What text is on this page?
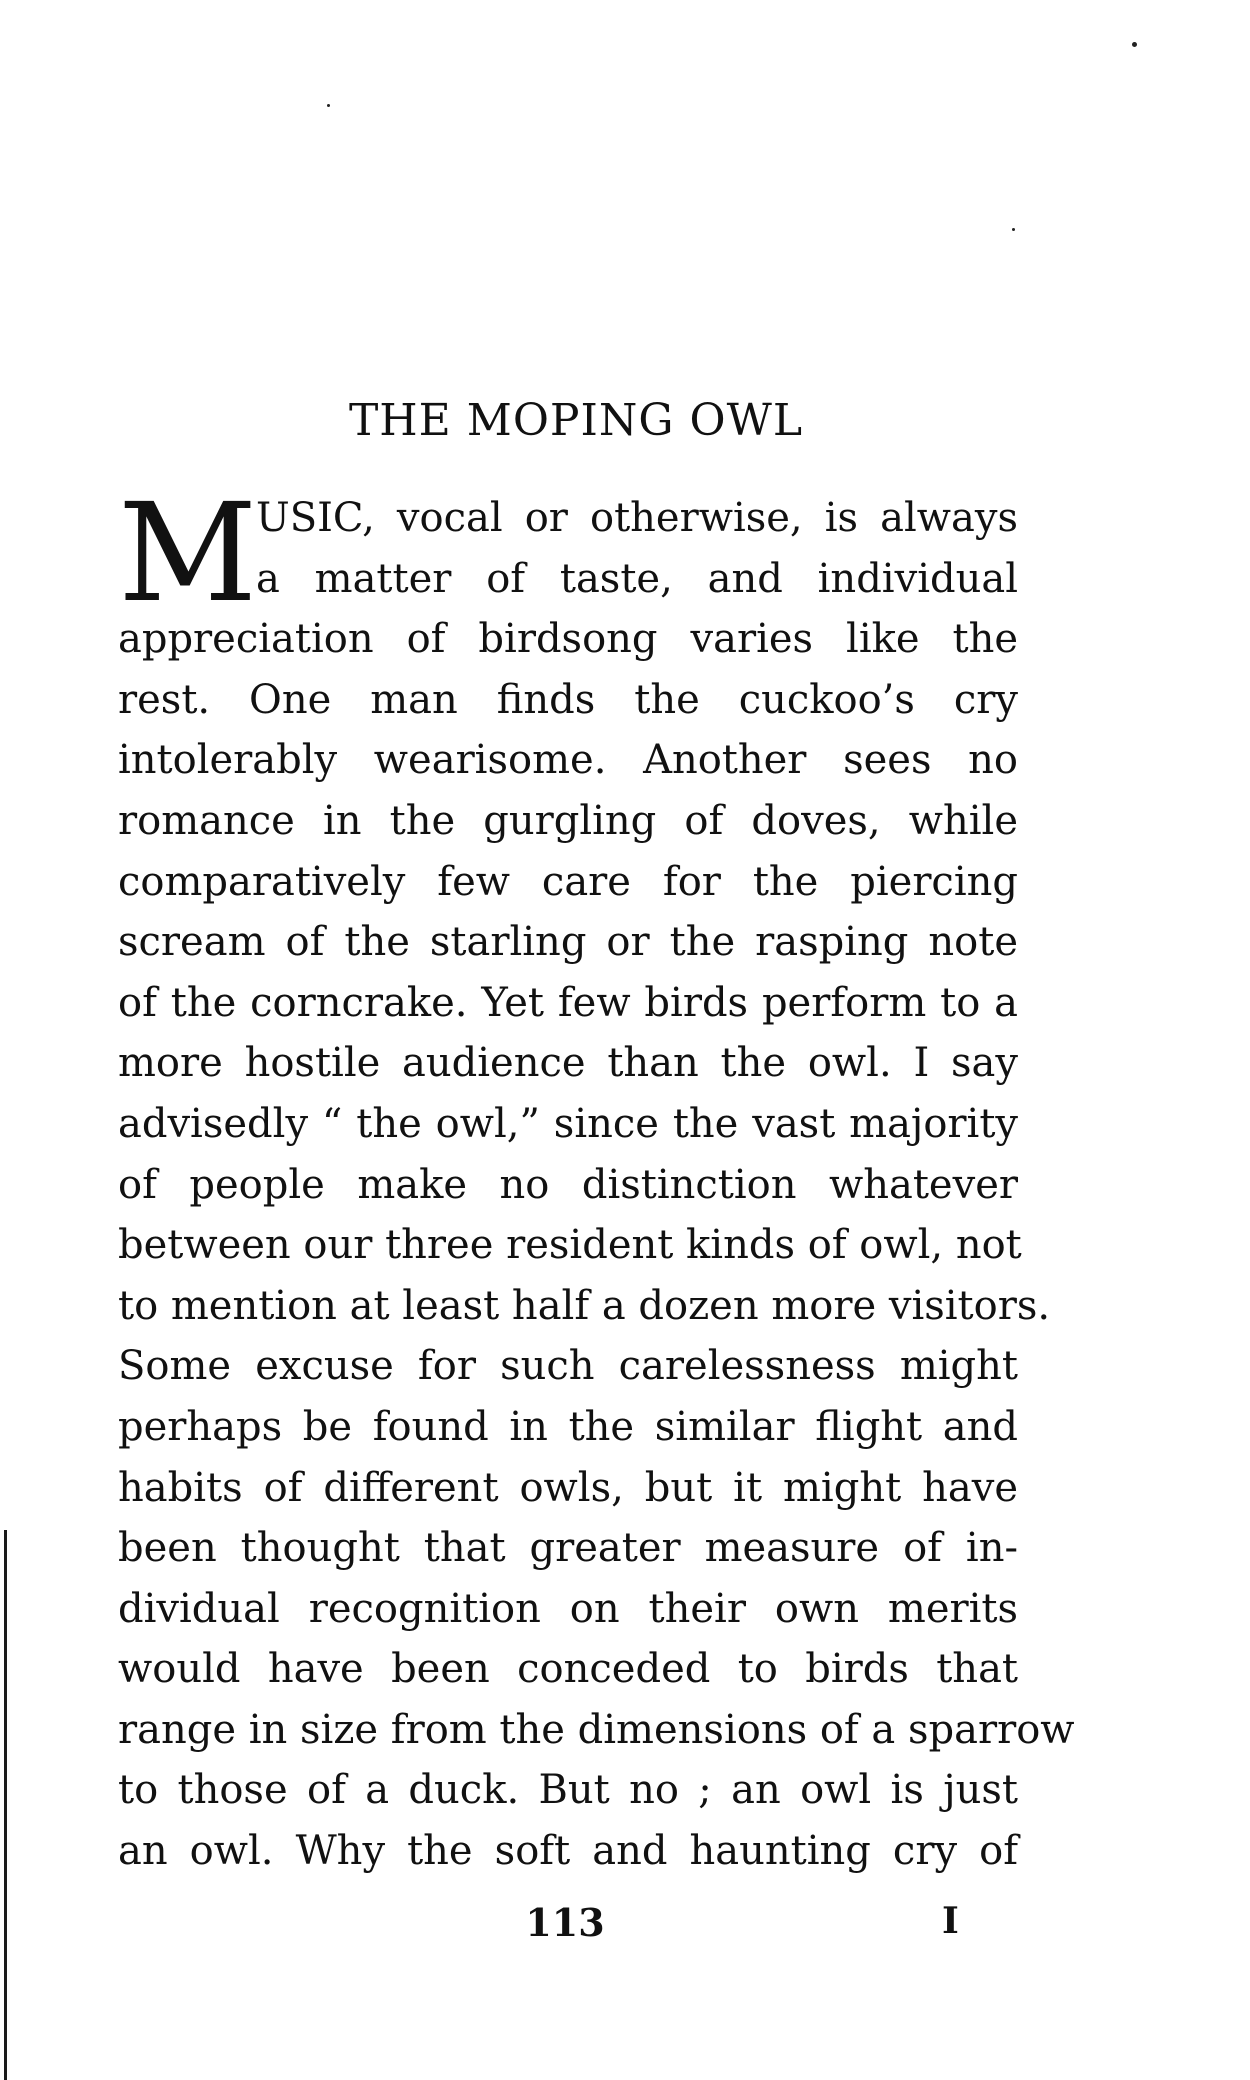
THE MOPING OWL
M
USIC, vocal or otherwise, is always
a matter of taste, and individual
appreciation of birdsong varies like the
rest. One man finds the cuckoo’s cry
intolerably wearisome. Another sees no
romance in the gurgling of doves, while
comparatively few care for the piercing
scream of the starling or the rasping note
of the corncrake. Yet few birds perform to a
more hostile audience than the owl. I say
advisedly “ the owl,” since the vast majority
of people make no distinction whatever
between our three resident kinds of owl, not
to mention at least half a dozen more visitors.
Some excuse for such carelessness might
perhaps be found in the similar flight and
habits of different owls, but it might have
been thought that greater measure of in-
dividual recognition on their own merits
would have been conceded to birds that
range in size from the dimensions of a sparrow
to those of a duck. But no ; an owl is just
an owl. Why the soft and haunting cry of
113	I
